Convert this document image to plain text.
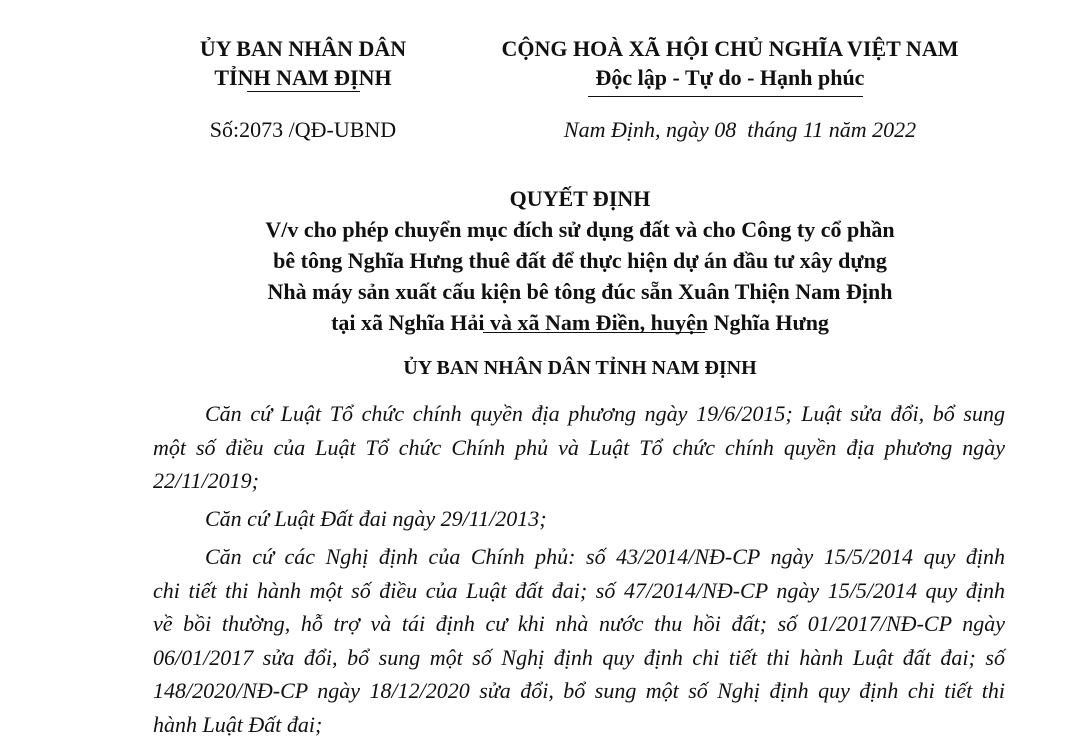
ỦY BAN NHÂN DÂN
TỈNH NAM ĐỊNH
CỘNG HOÀ XÃ HỘI CHỦ NGHĨA VIỆT NAM
Độc lập - Tự do - Hạnh phúc
Số:2073 /QĐ-UBND	Nam Định, ngày 08  tháng 11 năm 2022
QUYẾT ĐỊNH
V/v cho phép chuyển mục đích sử dụng đất và cho Công ty cổ phần
bê tông Nghĩa Hưng thuê đất để thực hiện dự án đầu tư xây dựng
Nhà máy sản xuất cấu kiện bê tông đúc sẵn Xuân Thiện Nam Định
tại xã Nghĩa Hải và xã Nam Điền, huyện Nghĩa Hưng
ỦY BAN NHÂN DÂN TỈNH NAM ĐỊNH
Căn cứ Luật Tổ chức chính quyền địa phương ngày 19/6/2015; Luật sửa đổi, bổ sung
một số điều của Luật Tổ chức Chính phủ và Luật Tổ chức chính quyền địa phương ngày
22/11/2019;
Căn cứ Luật Đất đai ngày 29/11/2013;
Căn cứ các Nghị định của Chính phủ: số 43/2014/NĐ-CP ngày 15/5/2014 quy định
chi tiết thi hành một số điều của Luật đất đai; số 47/2014/NĐ-CP ngày 15/5/2014 quy định
về bồi thường, hỗ trợ và tái định cư khi nhà nước thu hồi đất; số 01/2017/NĐ-CP ngày
06/01/2017 sửa đổi, bổ sung một số Nghị định quy định chi tiết thi hành Luật đất đai; số
148/2020/NĐ-CP ngày 18/12/2020 sửa đổi, bổ sung một số Nghị định quy định chi tiết thi
hành Luật Đất đai;
